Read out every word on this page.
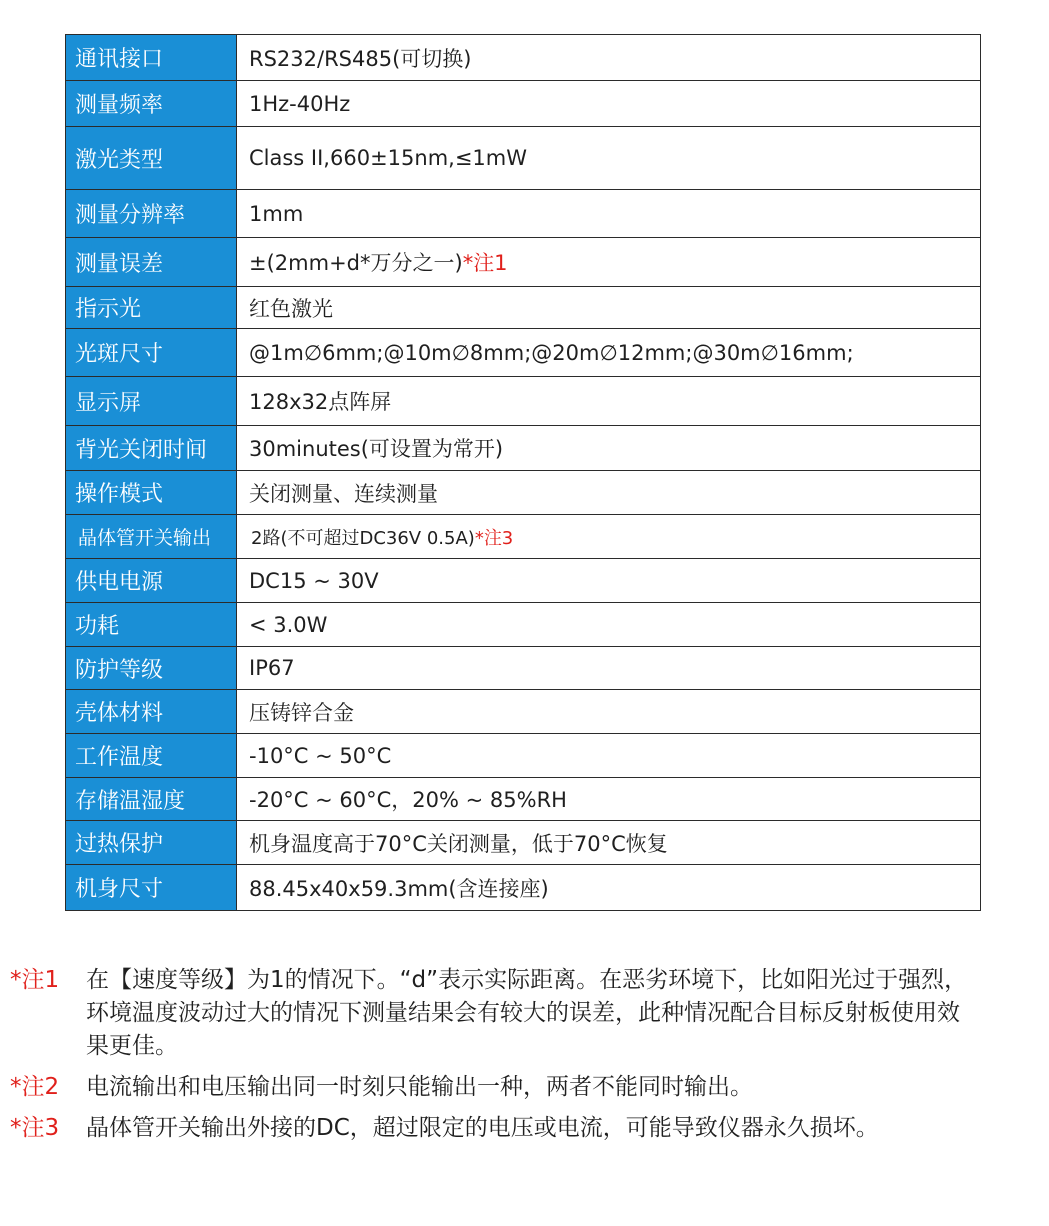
通讯接口	RS232/RS485(可切换)
测量频率	1Hz-40Hz
激光类型	Class II,660±15nm,≤1mW
测量分辨率	1mm
测量误差	±(2mm+d*万分之一)*注1
指示光	红色激光
光斑尺寸	@1m∅6mm;@10m∅8mm;@20m∅12mm;@30m∅16mm;
显示屏	128x32点阵屏
背光关闭时间	30minutes(可设置为常开)
操作模式	关闭测量、连续测量
晶体管开关输出	2路(不可超过DC36V 0.5A)*注3
供电电源	DC15 ~ 30V
功耗	< 3.0W
防护等级	IP67
壳体材料	压铸锌合金
工作温度	-10°C ~ 50°C
存储温湿度	-20°C ~ 60°C，20% ~ 85%RH
过热保护	机身温度高于70°C关闭测量，低于70°C恢复
机身尺寸	88.45x40x59.3mm(含连接座)
*注1	在【速度等级】为1的情况下。“d”表示实际距离。在恶劣环境下，比如阳光过于强烈，环境温度波动过大的情况下测量结果会有较大的误差，此种情况配合目标反射板使用效果更佳。
*注2	电流输出和电压输出同一时刻只能输出一种，两者不能同时输出。
*注3	晶体管开关输出外接的DC，超过限定的电压或电流，可能导致仪器永久损坏。
